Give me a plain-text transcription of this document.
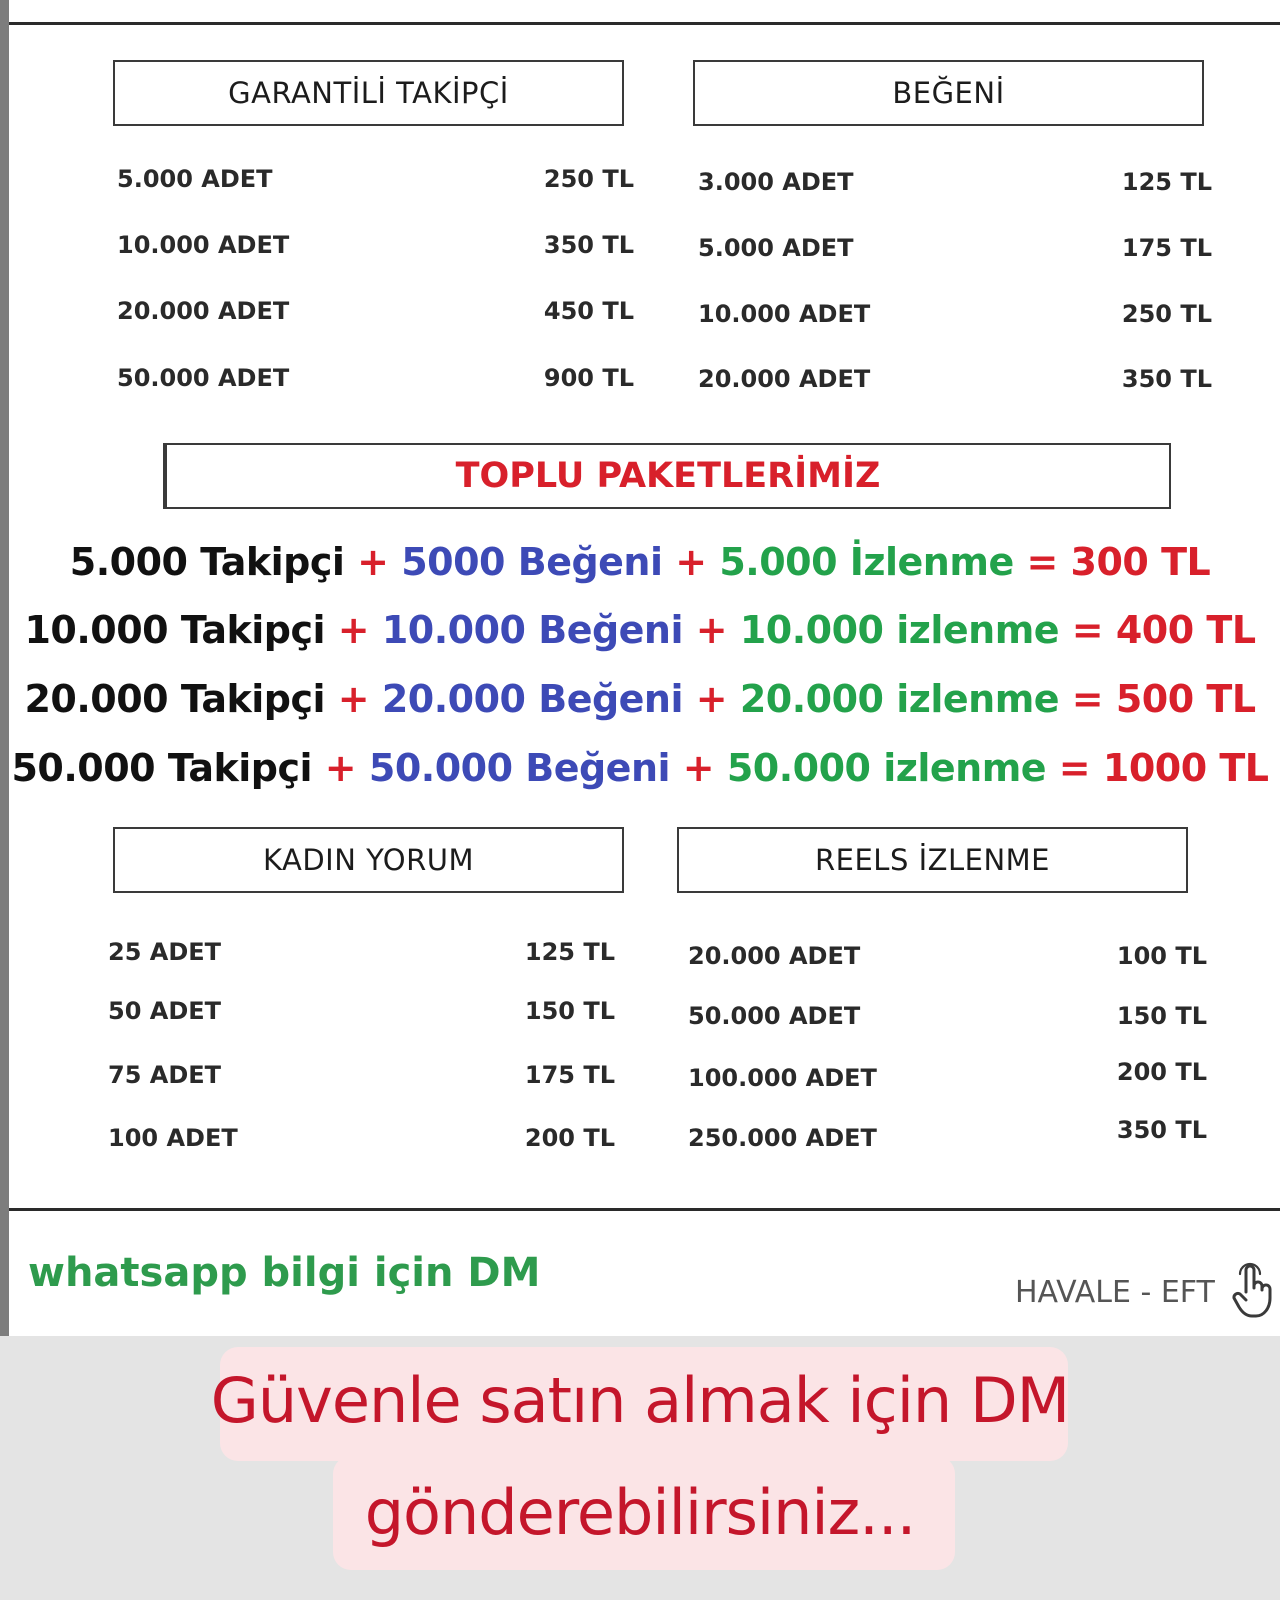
GARANTİLİ TAKİPÇİ
5.000 ADET	250 TL
10.000 ADET	350 TL
20.000 ADET	450 TL
50.000 ADET	900 TL
BEĞENİ
3.000 ADET	125 TL
5.000 ADET	175 TL
10.000 ADET	250 TL
20.000 ADET	350 TL
TOPLU PAKETLERİMİZ
5.000 Takipçi + 5000 Beğeni + 5.000 İzlenme = 300 TL
10.000 Takipçi + 10.000 Beğeni + 10.000 izlenme = 400 TL
20.000 Takipçi + 20.000 Beğeni + 20.000 izlenme = 500 TL
50.000 Takipçi + 50.000 Beğeni + 50.000 izlenme = 1000 TL
KADIN YORUM
25 ADET	125 TL
50 ADET	150 TL
75 ADET	175 TL
100 ADET	200 TL
REELS İZLENME
20.000 ADET	100 TL
50.000 ADET	150 TL
100.000 ADET	200 TL
250.000 ADET	350 TL
whatsapp bilgi için DM	HAVALE - EFT
Güvenle satın almak için DM
gönderebilirsiniz...
